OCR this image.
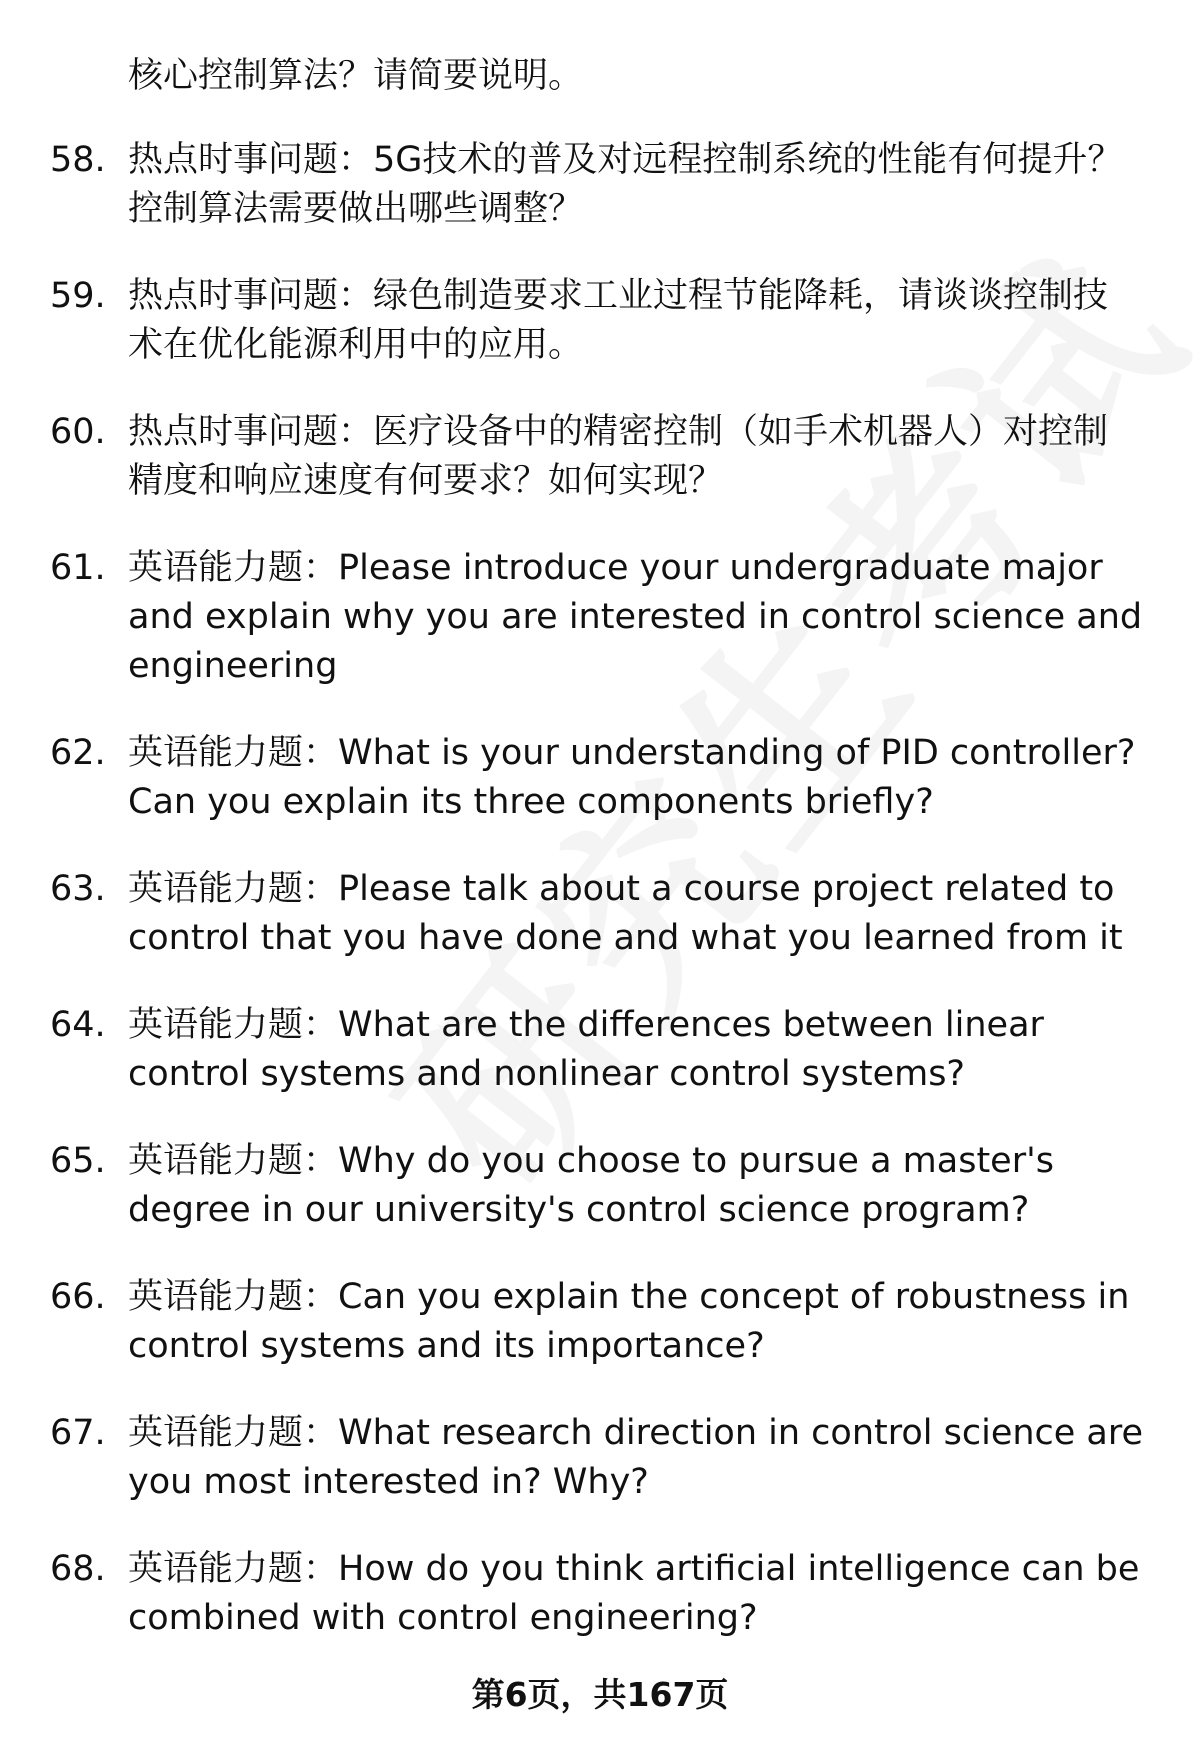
核心控制算法？请简要说明。
58. 热点时事问题：5G技术的普及对远程控制系统的性能有何提升？
控制算法需要做出哪些调整？
59. 热点时事问题：绿色制造要求工业过程节能降耗，请谈谈控制技
术在优化能源利用中的应用。
60. 热点时事问题：医疗设备中的精密控制（如手术机器人）对控制
精度和响应速度有何要求？如何实现？
61. 英语能力题：Please introduce your undergraduate major
and explain why you are interested in control science and
engineering
62. 英语能力题：What is your understanding of PID controller?
Can you explain its three components briefly?
63. 英语能力题：Please talk about a course project related to
control that you have done and what you learned from it
64. 英语能力题：What are the differences between linear
control systems and nonlinear control systems?
65. 英语能力题：Why do you choose to pursue a master's
degree in our university's control science program?
66. 英语能力题：Can you explain the concept of robustness in
control systems and its importance?
67. 英语能力题：What research direction in control science are
you most interested in? Why?
68. 英语能力题：How do you think artificial intelligence can be
combined with control engineering?
第6页，共167页
